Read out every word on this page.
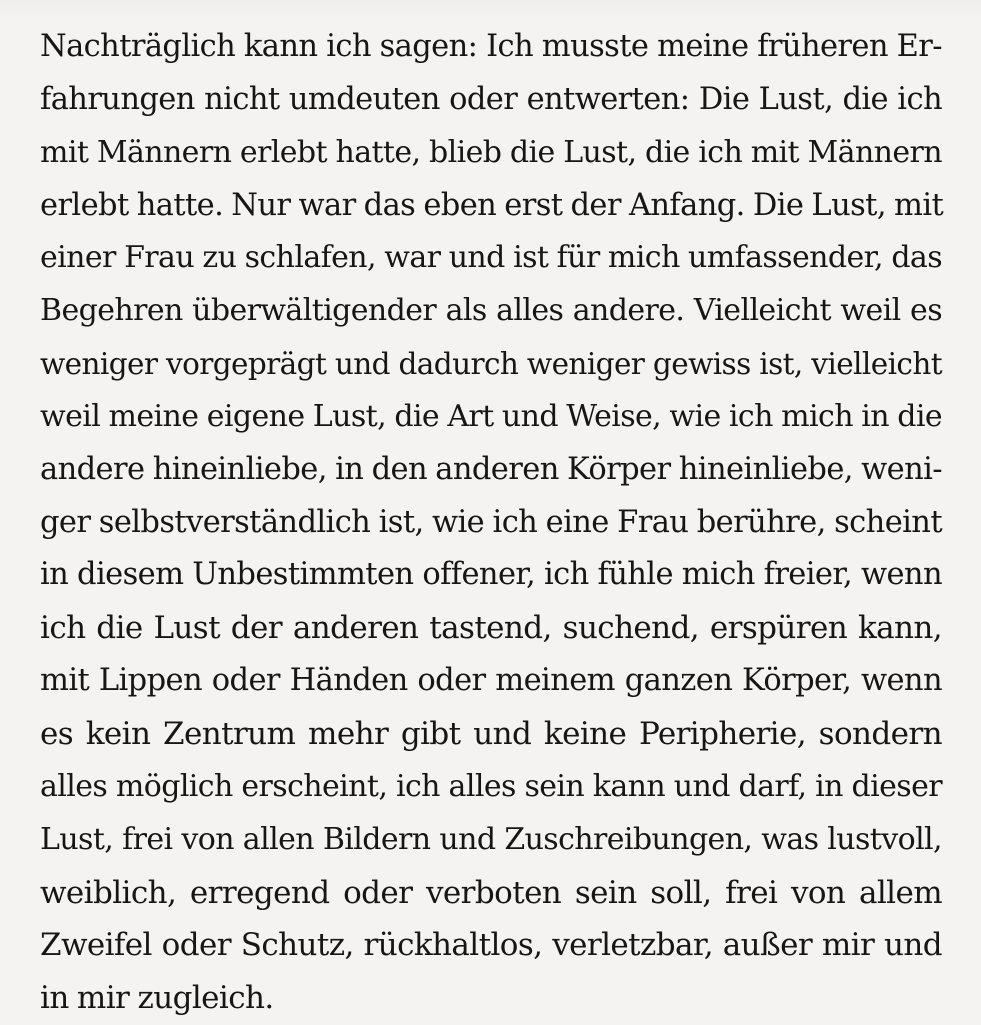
Nachträglich kann ich sagen: Ich musste meine früheren Er-
fahrungen nicht umdeuten oder entwerten: Die Lust, die ich
mit Männern erlebt hatte, blieb die Lust, die ich mit Männern
erlebt hatte. Nur war das eben erst der Anfang. Die Lust, mit
einer Frau zu schlafen, war und ist für mich umfassender, das
Begehren überwältigender als alles andere. Vielleicht weil es
weniger vorgeprägt und dadurch weniger gewiss ist, vielleicht
weil meine eigene Lust, die Art und Weise, wie ich mich in die
andere hineinliebe, in den anderen Körper hineinliebe, weni-
ger selbstverständlich ist, wie ich eine Frau berühre, scheint
in diesem Unbestimmten offener, ich fühle mich freier, wenn
ich die Lust der anderen tastend, suchend, erspüren kann,
mit Lippen oder Händen oder meinem ganzen Körper, wenn
es kein Zentrum mehr gibt und keine Peripherie, sondern
alles möglich erscheint, ich alles sein kann und darf, in dieser
Lust, frei von allen Bildern und Zuschreibungen, was lustvoll,
weiblich, erregend oder verboten sein soll, frei von allem
Zweifel oder Schutz, rückhaltlos, verletzbar, außer mir und
in mir zugleich.
